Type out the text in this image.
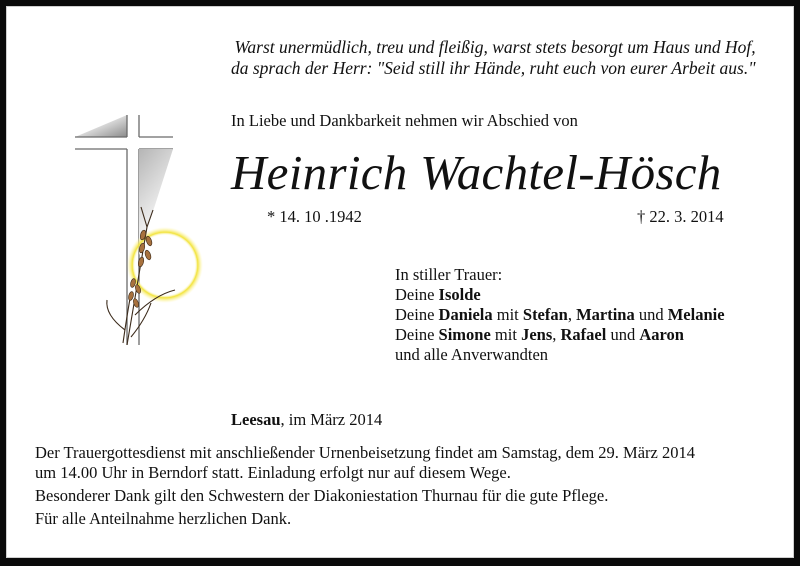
Warst unermüdlich, treu und fleißig, warst stets besorgt um Haus und Hof,
da sprach der Herr: "Seid still ihr Hände, ruht euch von eurer Arbeit aus."
In Liebe und Dankbarkeit nehmen wir Abschied von
Heinrich Wachtel-Hösch
* 14. 10 .1942	† 22. 3. 2014
In stiller Trauer:
Deine Isolde
Deine Daniela mit Stefan, Martina und Melanie
Deine Simone mit Jens, Rafael und Aaron
und alle Anverwandten
Leesau, im März 2014
Der Trauergottesdienst mit anschließender Urnenbeisetzung findet am Samstag, dem 29. März 2014
um 14.00 Uhr in Berndorf statt. Einladung erfolgt nur auf diesem Wege.
Besonderer Dank gilt den Schwestern der Diakoniestation Thurnau für die gute Pflege.
Für alle Anteilnahme herzlichen Dank.
